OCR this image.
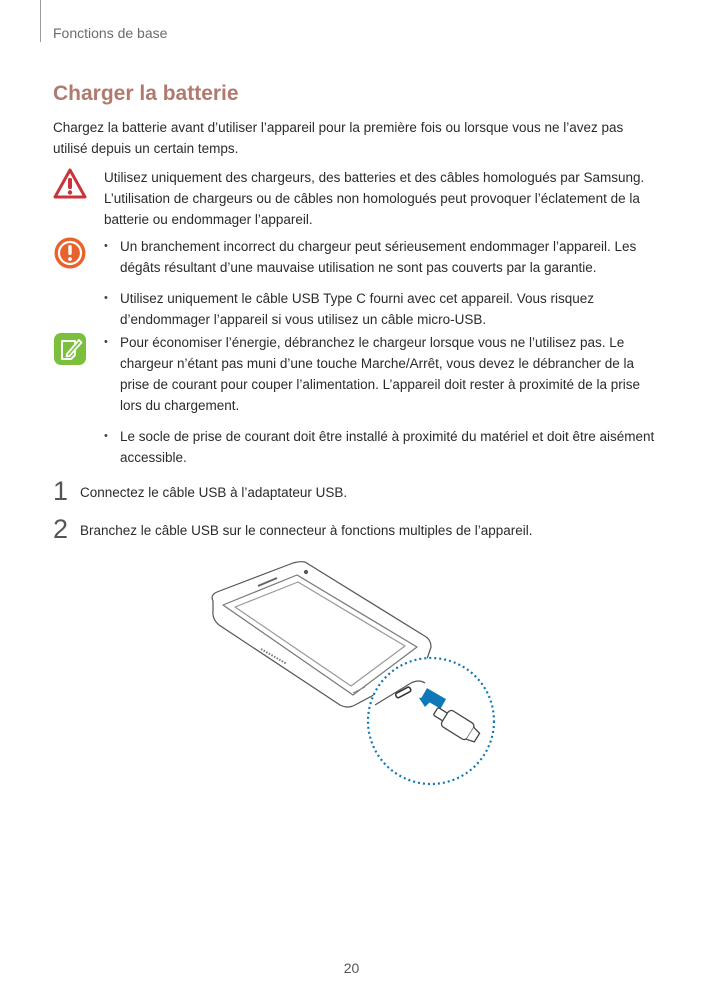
Fonctions de base
Charger la batterie
Chargez la batterie avant d’utiliser l’appareil pour la première fois ou lorsque vous ne l’avez pas utilisé depuis un certain temps.
Utilisez uniquement des chargeurs, des batteries et des câbles homologués par Samsung. L’utilisation de chargeurs ou de câbles non homologués peut provoquer l’éclatement de la batterie ou endommager l’appareil.
• Un branchement incorrect du chargeur peut sérieusement endommager l’appareil. Les dégâts résultant d’une mauvaise utilisation ne sont pas couverts par la garantie.
• Utilisez uniquement le câble USB Type C fourni avec cet appareil. Vous risquez d’endommager l’appareil si vous utilisez un câble micro-USB.
• Pour économiser l’énergie, débranchez le chargeur lorsque vous ne l’utilisez pas. Le chargeur n’étant pas muni d’une touche Marche/Arrêt, vous devez le débrancher de la prise de courant pour couper l’alimentation. L’appareil doit rester à proximité de la prise lors du chargement.
• Le socle de prise de courant doit être installé à proximité du matériel et doit être aisément accessible.
1 Connectez le câble USB à l’adaptateur USB.
2 Branchez le câble USB sur le connecteur à fonctions multiples de l’appareil.
20
